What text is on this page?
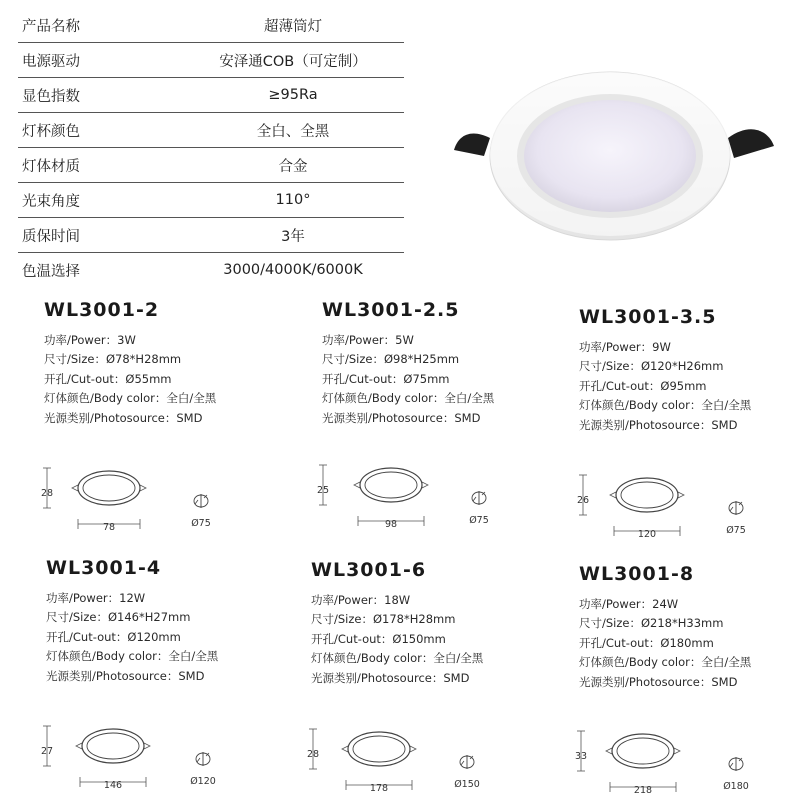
产品名称	超薄筒灯
电源驱动	安泽通COB（可定制）
显色指数	≥95Ra
灯杯颜色	全白、全黑
灯体材质	合金
光束角度	110°
质保时间	3年
色温选择	3000/4000K/6000K
WL3001-2
功率/Power：3W
尺寸/Size：Ø78*H28mm
开孔/Cut-out：Ø55mm
灯体颜色/Body color：全白/全黑
光源类别/Photosource：SMD
28
78	Ø75
WL3001-2.5
功率/Power：5W
尺寸/Size：Ø98*H25mm
开孔/Cut-out：Ø75mm
灯体颜色/Body color：全白/全黑
光源类别/Photosource：SMD
25
98	Ø75
WL3001-3.5
功率/Power：9W
尺寸/Size：Ø120*H26mm
开孔/Cut-out：Ø95mm
灯体颜色/Body color：全白/全黑
光源类别/Photosource：SMD
26
120	Ø75
WL3001-4
功率/Power：12W
尺寸/Size：Ø146*H27mm
开孔/Cut-out：Ø120mm
灯体颜色/Body color：全白/全黑
光源类别/Photosource：SMD
27
146	Ø120
WL3001-6
功率/Power：18W
尺寸/Size：Ø178*H28mm
开孔/Cut-out：Ø150mm
灯体颜色/Body color：全白/全黑
光源类别/Photosource：SMD
28
178	Ø150
WL3001-8
功率/Power：24W
尺寸/Size：Ø218*H33mm
开孔/Cut-out：Ø180mm
灯体颜色/Body color：全白/全黑
光源类别/Photosource：SMD
33
218	Ø180
